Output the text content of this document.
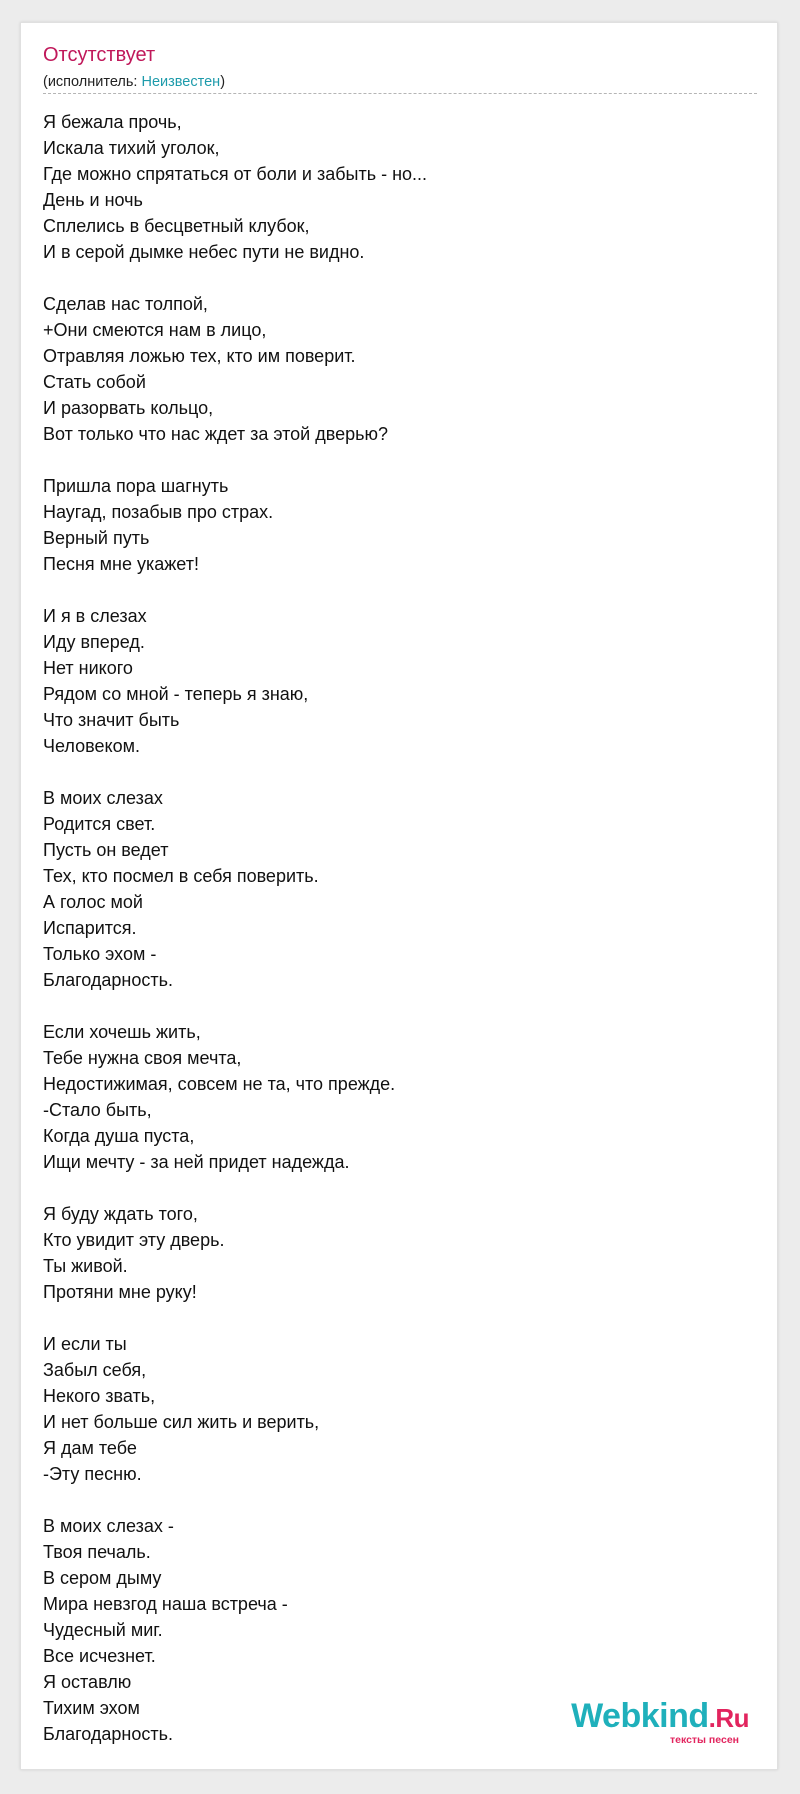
Отсутствует
(исполнитель: Неизвестен)
Я бежала прочь,
Искала тихий уголок,
Где можно спрятаться от боли и забыть - но...
День и ночь
Сплелись в бесцветный клубок,
И в серой дымке небес пути не видно.
Сделав нас толпой,
+Они смеются нам в лицо,
Отравляя ложью тех, кто им поверит.
Стать собой
И разорвать кольцо,
Вот только что нас ждет за этой дверью?
Пришла пора шагнуть
Наугад, позабыв про страх.
Верный путь
Песня мне укажет!
И я в слезах
Иду вперед.
Нет никого
Рядом со мной - теперь я знаю,
Что значит быть
Человеком.
В моих слезах
Родится свет.
Пусть он ведет
Тех, кто посмел в себя поверить.
А голос мой
Испарится.
Только эхом -
Благодарность.
Если хочешь жить,
Тебе нужна своя мечта,
Недостижимая, совсем не та, что прежде.
-Стало быть,
Когда душа пуста,
Ищи мечту - за ней придет надежда.
Я буду ждать того,
Кто увидит эту дверь.
Ты живой.
Протяни мне руку!
И если ты
Забыл себя,
Некого звать,
И нет больше сил жить и верить,
Я дам тебе
-Эту песню.
В моих слезах -
Твоя печаль.
В сером дыму
Мира невзгод наша встреча -
Чудесный миг.
Все исчезнет.
Я оставлю
Тихим эхом
Благодарность.	Webkind.Ru
тексты песен
